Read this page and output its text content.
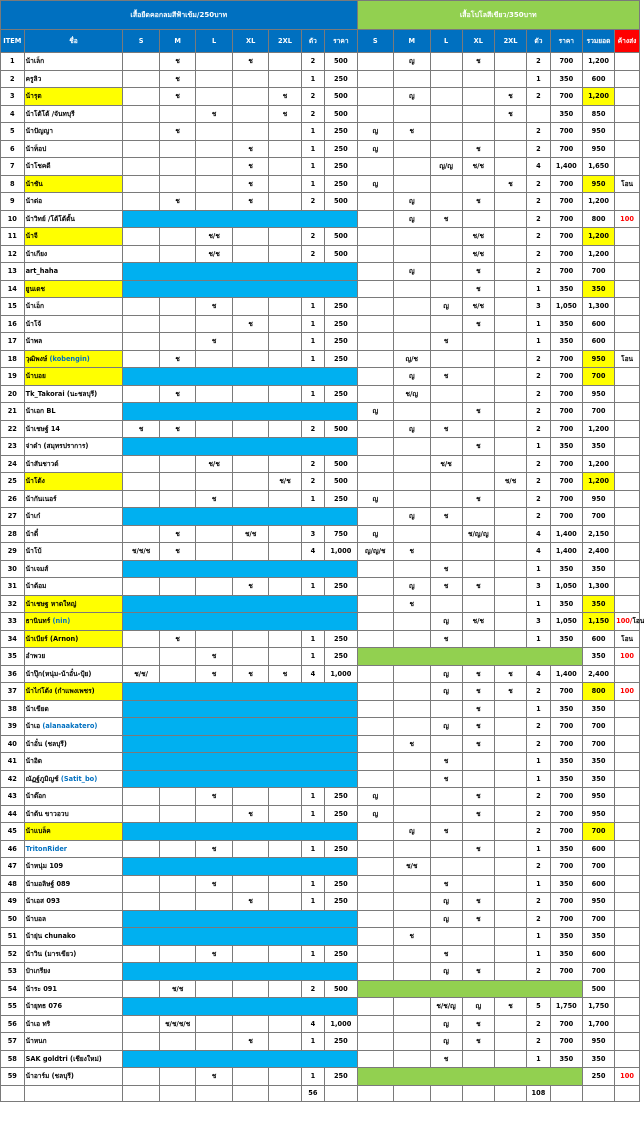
เสื้อยืดคอกลมสีฟ้าเข้ม/250บาท									เสื้อโปโลสีเขียว/350บาท								
ITEM	ชื่อ	S	M	L	XL	2XL	ตัว	ราคา	S	M	L	XL	2XL	ตัว	ราคา	รวมยอด	ค้างส่ง
1	น้าเล็ก		ช		ช		2	500		ญ		ช		2	700	1,200	
2	ครูลิว		ช				1	250						1	350	600	
3	น้ารุต		ช			ช	2	500		ญ			ช	2	700	1,200	
4	น้าโต้โต้ /จันทบุรี			ช		ช	2	500					ช		350	850	
5	น้าปัญญา		ช				1	250	ญ	ช				2	700	950	
6	น้าท็อป				ช		1	250	ญ			ช		2	700	950	
7	น้าโชคดี				ช		1	250			ญ/ญ	ช/ช		4	1,400	1,650	
8	น้าชัน				ช		1	250	ญ				ช	2	700	950	โอน
9	น้าต่อ		ช		ช		2	500		ญ		ช		2	700	1,200	
10	น้าวิทย์ /โต้โต้ตั้น									ญ	ช			2	700	800	100
11	น้าจี			ช/ช			2	500				ช/ช		2	700	1,200	
12	น้าเกียง			ช/ช			2	500				ช/ช		2	700	1,200	
13	art_haha									ญ		ช		2	700	700	
14	ยูนเดช											ช		1	350	350	
15	น้าเอ็ก			ช			1	250			ญ	ช/ช		3	1,050	1,300	
16	น้าโจ้				ช		1	250				ช		1	350	600	
17	น้าพล			ช			1	250			ช			1	350	600	
18	วุฒิพงษ์ (kobengin)		ช				1	250		ญ/ช				2	700	950	โอน
19	น้าบอย									ญ	ช			2	700	700	
20	Tk_Takorai (นะชลบุรี)		ช				1	250		ช/ญ				2	700	950	
21	น้าเอก BL								ญ			ช		2	700	700	
22	น้าเชษฐ์ 14	ช	ช				2	500		ญ	ช			2	700	1,200	
23	จ่าตำ (สมุทรปราการ)											ช		1	350	350	
24	น้าสันชาวด์			ช/ช			2	500			ช/ช			2	700	1,200	
25	น้าโต้ง					ช/ช	2	500					ช/ช	2	700	1,200	
26	น้ากันเนอร์			ช			1	250	ญ			ช		2	700	950	
27	น้าเก๋									ญ	ช			2	700	700	
28	น้าตี๋		ช		ช/ช		3	750	ญ			ช/ญ/ญ		4	1,400	2,150	
29	น้าโบ้	ช/ช/ช	ช				4	1,000	ญ/ญ/ช	ช				4	1,400	2,400	
30	น้าเจมส์										ช			1	350	350	
31	น้าต้อม				ช		1	250		ญ	ช	ช		3	1,050	1,300	
32	น้าเชษฐ หาดใหญ่									ช				1	350	350	
33	ธานินทร์ (nin)										ญ	ช/ช		3	1,050	1,150	100/โอน
34	น้าเบียร์ (Arnon)		ช				1	250			ช			1	350	600	โอน
35	อำพวย			ช			1	250								350	100
36	น้าปุ๊ก(หนุ่ม-น้าอั๋น-ปุ้ย)	ช/ช/		ช	ช	ช	4	1,000			ญ	ช	ช	4	1,400	2,400	
37	น้าไก่โต้ง (กำแพงเพชร)										ญ	ช	ช	2	700	800	100
38	น้าเขียด											ช		1	350	350	
39	น้าเอ (alanaakatero)										ญ	ช		2	700	700	
40	น้าอั๋น (ชลบุรี)									ช		ช		2	700	700	
41	น้าอิด										ช			1	350	350	
42	ณัฏฐ์ภูมิญช์ (Satit_bo)										ช			1	350	350	
43	น้าต๊อก			ช			1	250	ญ			ช		2	700	950	
44	น้าต้น ขาวอวบ				ช		1	250	ญ			ช		2	700	950	
45	น้าแบล็ค									ญ	ช			2	700	700	
46	TritonRider			ช			1	250				ช		1	350	600	
47	น้าหนุ่ม 109									ช/ช				2	700	700	
48	น้ามอลิษฐ์ 089			ช			1	250			ช			1	350	600	
49	น้าเอส 093				ช		1	250			ญ	ช		2	700	950	
50	น้าบอล										ญ	ช		2	700	700	
51	น้ายุ่น chunako									ช				1	350	350	
52	น้าวิน (มารเขียว)			ช			1	250			ช			1	350	600	
53	ป๋าเกรียง										ญ	ช		2	700	700	
54	น้าระ 091		ช/ช				2	500								500	
55	น้ายุทธ 076										ช/ช/ญ	ญ	ช	5	1,750	1,750	
56	น้าเอ ทริ		ช/ช/ช/ช				4	1,000			ญ	ช		2	700	1,700	
57	น้าหนก				ช		1	250			ญ	ช		2	700	950	
58	SAK goldtri (เชียงใหม่)										ช			1	350	350	
59	น้าอาร์ม (ชลบุรี)			ช			1	250								250	100
							56							108			
